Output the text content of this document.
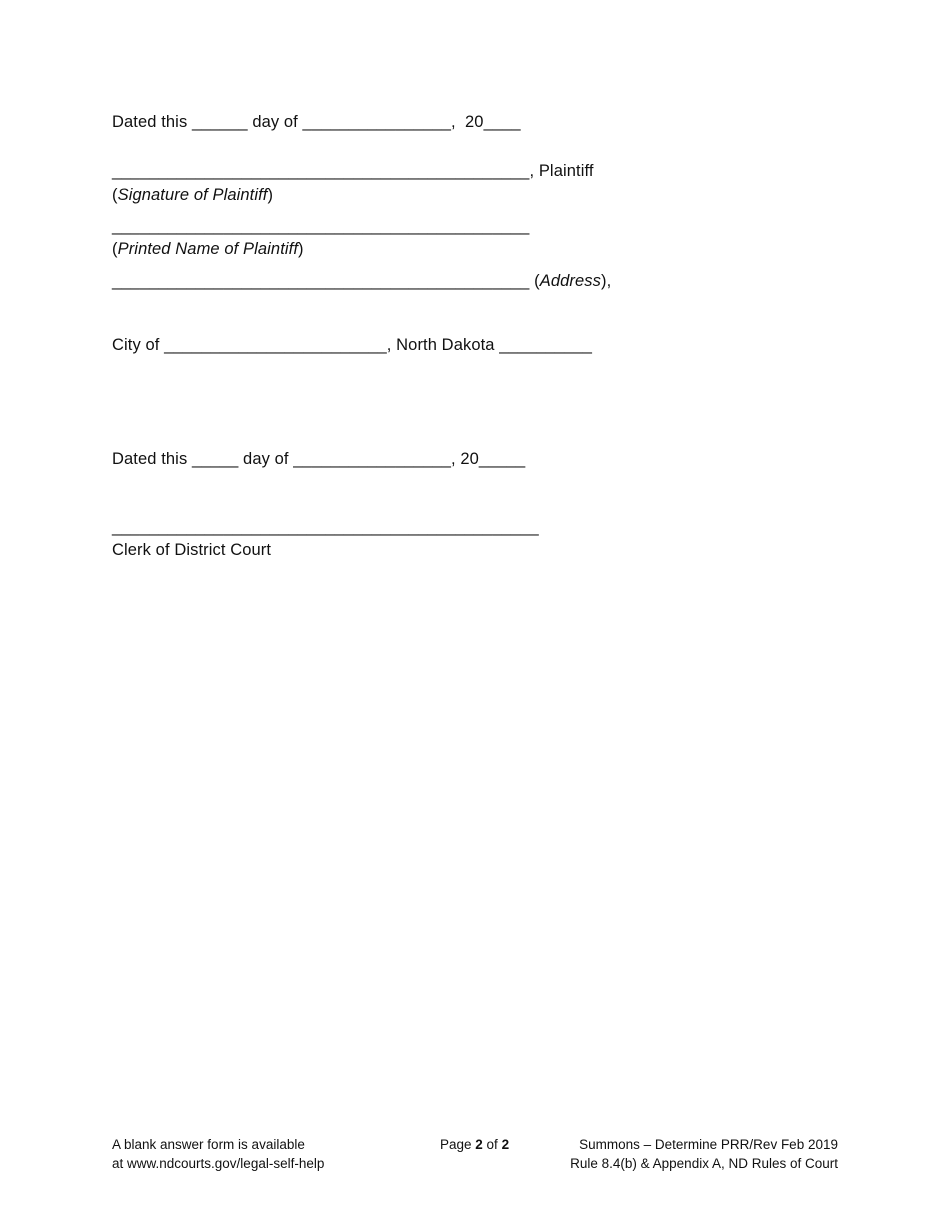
Dated this ______ day of ________________,  20____
_____________________________________________, Plaintiff
(Signature of Plaintiff)
_____________________________________________
(Printed Name of Plaintiff)
_____________________________________________ (Address),
City of ________________________, North Dakota __________
Dated this _____ day of _________________, 20_____
______________________________________________
Clerk of District Court
A blank answer form is available
at www.ndcourts.gov/legal-self-help
Page 2 of 2	Summons – Determine PRR/Rev Feb 2019
Rule 8.4(b) & Appendix A, ND Rules of Court
